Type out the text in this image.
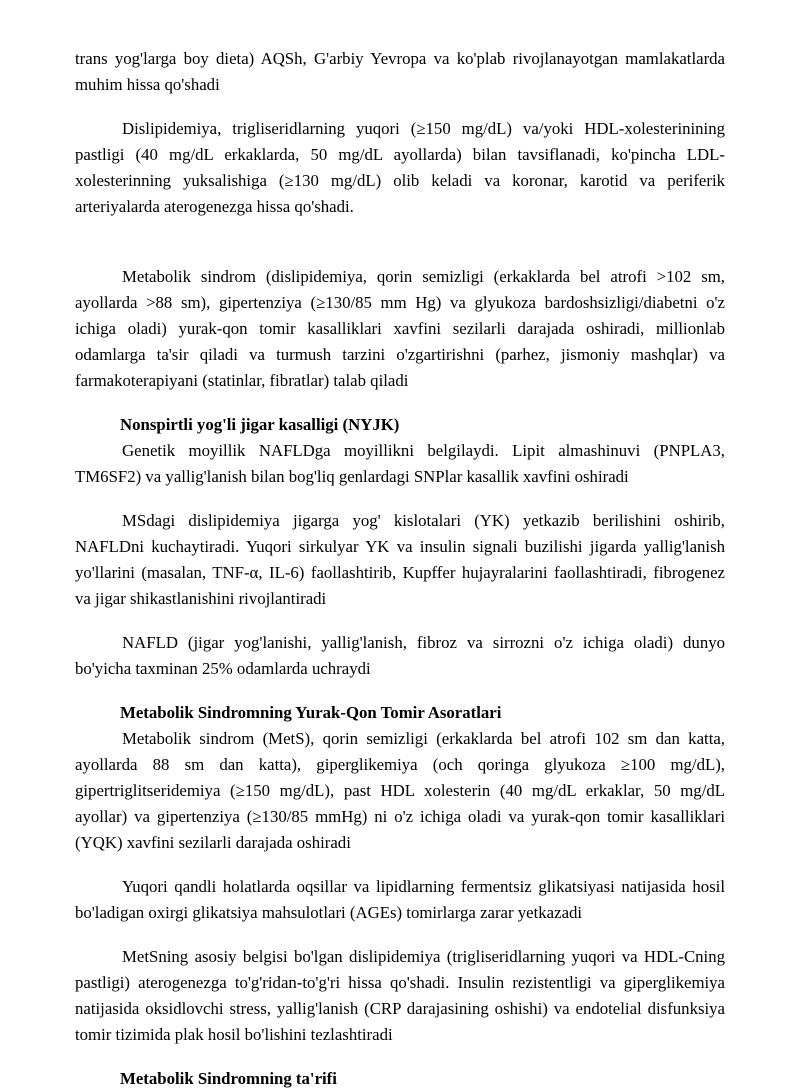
trans yog'larga boy dieta) AQSh, G'arbiy Yevropa va ko'plab rivojlanayotgan mamlakatlarda muhim hissa qo'shadi

Dislipidemiya, trigliseridlarning yuqori (≥150 mg/dL) va/yoki HDL-xolesterinining pastligi (40 mg/dL erkaklarda, 50 mg/dL ayollarda) bilan tavsiflanadi, ko'pincha LDL-xolesterinning yuksalishiga (≥130 mg/dL) olib keladi va koronar, karotid va periferik arteriyalarda aterogenezga hissa qo'shadi.

Metabolik sindrom (dislipidemiya, qorin semizligi (erkaklarda bel atrofi >102 sm, ayollarda >88 sm), gipertenziya (≥130/85 mm Hg) va glyukoza bardoshsizligi/diabetni o'z ichiga oladi) yurak-qon tomir kasalliklari xavfini sezilarli darajada oshiradi, millionlab odamlarga ta'sir qiladi va turmush tarzini o'zgartirishni (parhez, jismoniy mashqlar) va farmakoterapiyani (statinlar, fibratlar) talab qiladi

Nonspirtli yog'li jigar kasalligi (NYJK)

Genetik moyillik NAFLDga moyillikni belgilaydi. Lipit almashinuvi (PNPLA3, TM6SF2) va yallig'lanish bilan bog'liq genlardagi SNPlar kasallik xavfini oshiradi

MSdagi dislipidemiya jigarga yog' kislotalari (YK) yetkazib berilishini oshirib, NAFLDni kuchaytiradi. Yuqori sirkulyar YK va insulin signali buzilishi jigarda yallig'lanish yo'llarini (masalan, TNF-α, IL-6) faollashtirib, Kupffer hujayralarini faollashtiradi, fibrogenez va jigar shikastlanishini rivojlantiradi

NAFLD (jigar yog'lanishi, yallig'lanish, fibroz va sirrozni o'z ichiga oladi) dunyo bo'yicha taxminan 25% odamlarda uchraydi

Metabolik Sindromning Yurak-Qon Tomir Asoratlari

Metabolik sindrom (MetS), qorin semizligi (erkaklarda bel atrofi 102 sm dan katta, ayollarda 88 sm dan katta), giperglikemiya (och qoringa glyukoza ≥100 mg/dL), gipertriglitseridemiya (≥150 mg/dL), past HDL xolesterin (40 mg/dL erkaklar, 50 mg/dL ayollar) va gipertenziya (≥130/85 mmHg) ni o'z ichiga oladi va yurak-qon tomir kasalliklari (YQK) xavfini sezilarli darajada oshiradi

Yuqori qandli holatlarda oqsillar va lipidlarning fermentsiz glikatsiyasi natijasida hosil bo'ladigan oxirgi glikatsiya mahsulotlari (AGEs) tomirlarga zarar yetkazadi

MetSning asosiy belgisi bo'lgan dislipidemiya (trigliseridlarning yuqori va HDL-Cning pastligi) aterogenezga to'g'ridan-to'g'ri hissa qo'shadi. Insulin rezistentligi va giperglikemiya natijasida oksidlovchi stress, yallig'lanish (CRP darajasining oshishi) va endotelial disfunksiya tomir tizimida plak hosil bo'lishini tezlashtiradi

Metabolik Sindromning ta'rifi
